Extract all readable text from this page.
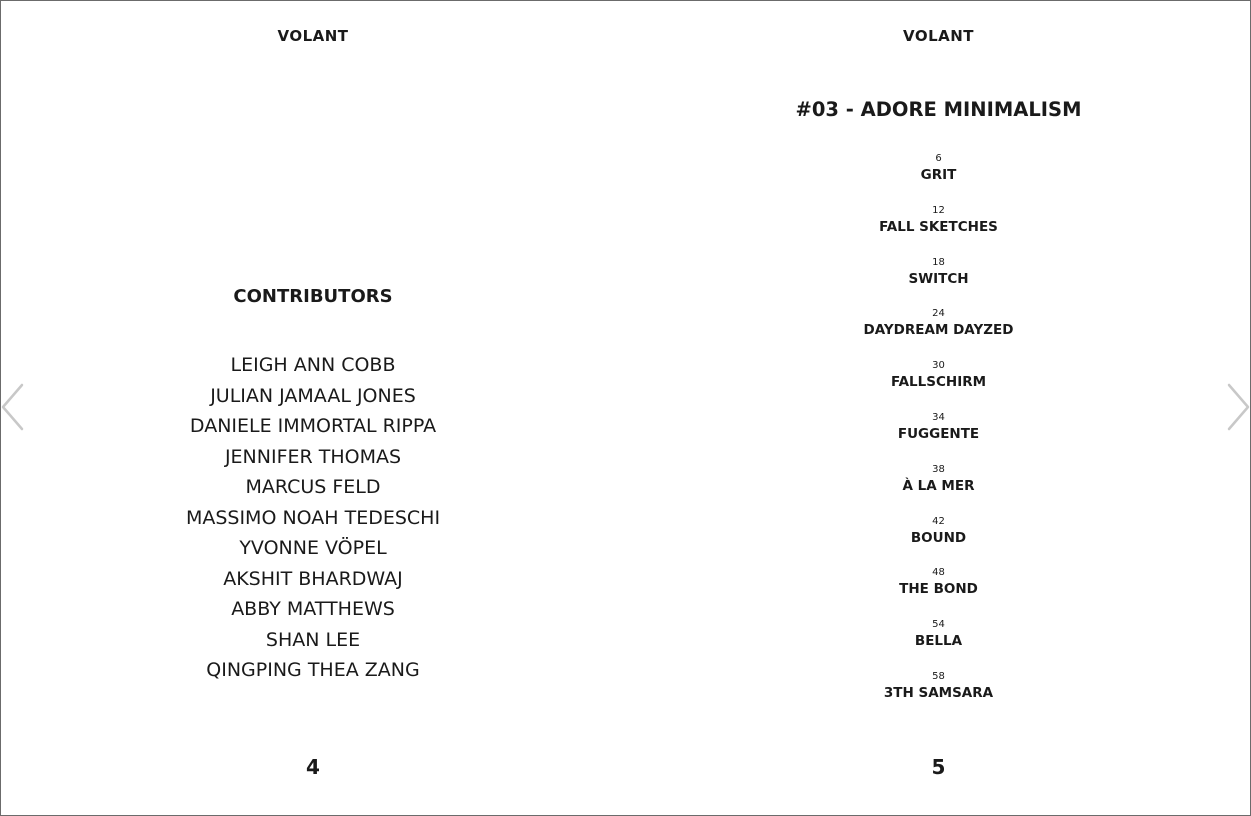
VOLANT
CONTRIBUTORS
LEIGH ANN COBB
JULIAN JAMAAL JONES
DANIELE IMMORTAL RIPPA
JENNIFER THOMAS
MARCUS FELD
MASSIMO NOAH TEDESCHI
YVONNE VÖPEL
AKSHIT BHARDWAJ
ABBY MATTHEWS
SHAN LEE
QINGPING THEA ZANG
4
VOLANT
#03 - ADORE MINIMALISM
6
GRIT
12
FALL SKETCHES
18
SWITCH
24
DAYDREAM DAYZED
30
FALLSCHIRM
34
FUGGENTE
38
À LA MER
42
BOUND
48
THE BOND
54
BELLA
58
3TH SAMSARA
5
